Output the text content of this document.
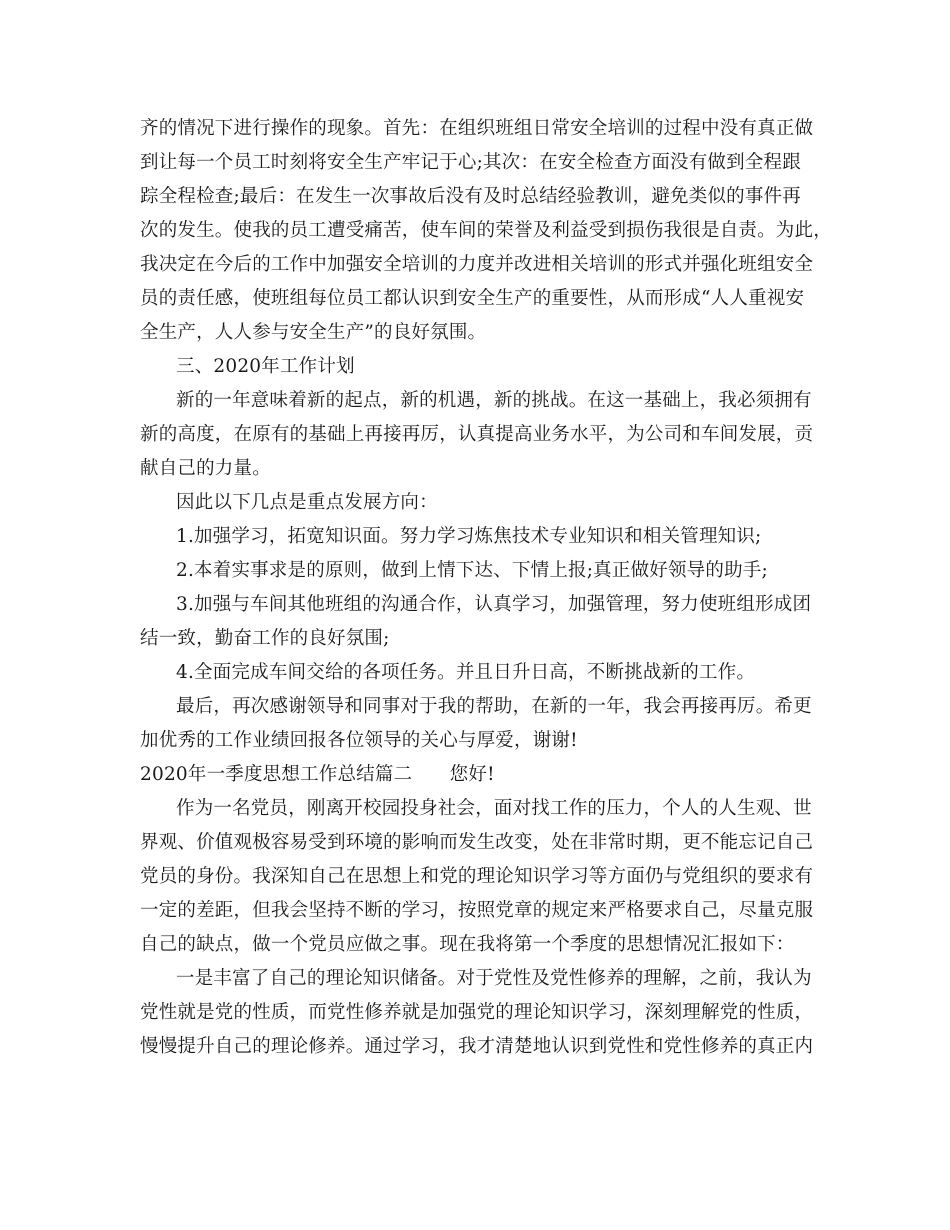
齐的情况下进行操作的现象。首先：在组织班组日常安全培训的过程中没有真正做

到让每一个员工时刻将安全生产牢记于心;其次：在安全检查方面没有做到全程跟

踪全程检查;最后：在发生一次事故后没有及时总结经验教训，避免类似的事件再

次的发生。使我的员工遭受痛苦，使车间的荣誉及利益受到损伤我很是自责。为此，

我决定在今后的工作中加强安全培训的力度并改进相关培训的形式并强化班组安全

员的责任感，使班组每位员工都认识到安全生产的重要性，从而形成“人人重视安

全生产，人人参与安全生产”的良好氛围。

三、2020年工作计划

新的一年意味着新的起点，新的机遇，新的挑战。在这一基础上，我必须拥有

新的高度，在原有的基础上再接再厉，认真提高业务水平，为公司和车间发展，贡

献自己的力量。

因此以下几点是重点发展方向：

1.加强学习，拓宽知识面。努力学习炼焦技术专业知识和相关管理知识;

2.本着实事求是的原则，做到上情下达、下情上报;真正做好领导的助手;

3.加强与车间其他班组的沟通合作，认真学习，加强管理，努力使班组形成团

结一致，勤奋工作的良好氛围;

4.全面完成车间交给的各项任务。并且日升日高，不断挑战新的工作。

最后，再次感谢领导和同事对于我的帮助，在新的一年，我会再接再厉。希更

加优秀的工作业绩回报各位领导的关心与厚爱，谢谢!

2020年一季度思想工作总结篇二　　您好!

作为一名党员，刚离开校园投身社会，面对找工作的压力，个人的人生观、世

界观、价值观极容易受到环境的影响而发生改变，处在非常时期，更不能忘记自己

党员的身份。我深知自己在思想上和党的理论知识学习等方面仍与党组织的要求有

一定的差距，但我会坚持不断的学习，按照党章的规定来严格要求自己，尽量克服

自己的缺点，做一个党员应做之事。现在我将第一个季度的思想情况汇报如下：

一是丰富了自己的理论知识储备。对于党性及党性修养的理解，之前，我认为

党性就是党的性质，而党性修养就是加强党的理论知识学习，深刻理解党的性质，

慢慢提升自己的理论修养。通过学习，我才清楚地认识到党性和党性修养的真正内
